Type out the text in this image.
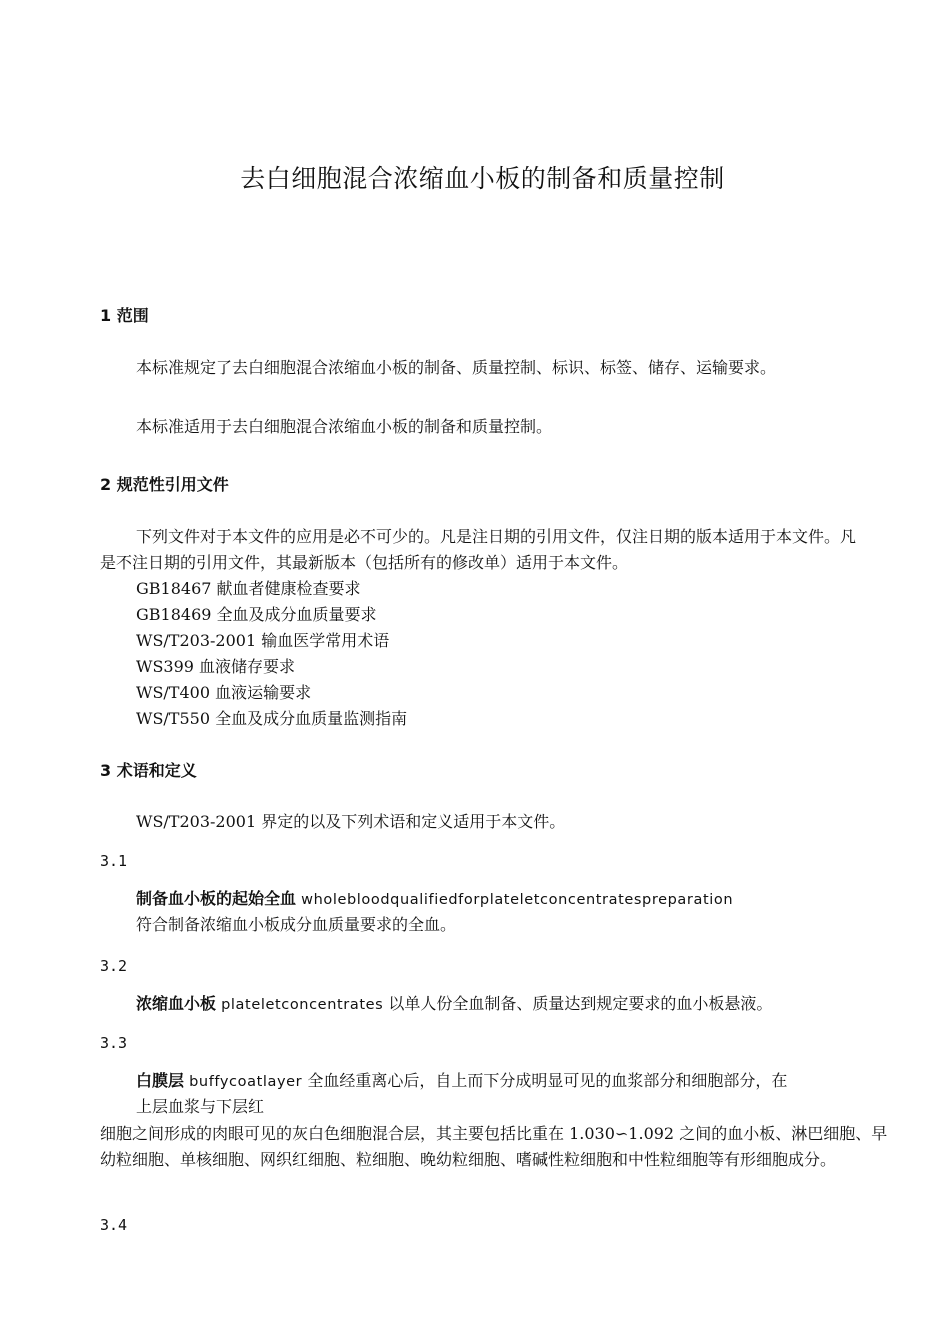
去白细胞混合浓缩血小板的制备和质量控制
1 范围

本标准规定了去白细胞混合浓缩血小板的制备、质量控制、标识、标签、储存、运输要求。

本标准适用于去白细胞混合浓缩血小板的制备和质量控制。

2 规范性引用文件

下列文件对于本文件的应用是必不可少的。凡是注日期的引用文件，仅注日期的版本适用于本文件。凡是不注日期的引用文件，其最新版本（包括所有的修改单）适用于本文件。

GB18467 献血者健康检查要求

GB18469 全血及成分血质量要求

WS/T203-2001 输血医学常用术语

WS399 血液储存要求

WS/T400 血液运输要求

WS/T550 全血及成分血质量监测指南

3 术语和定义

WS/T203-2001 界定的以及下列术语和定义适用于本文件。

3.1

制备血小板的起始全血 wholebloodqualifiedforplateletconcentratespreparation

符合制备浓缩血小板成分血质量要求的全血。

3.2

浓缩血小板 plateletconcentrates 以单人份全血制备、质量达到规定要求的血小板悬液。

3.3

白膜层 buffycoatlayer 全血经重离心后，自上而下分成明显可见的血浆部分和细胞部分，在

上层血浆与下层红

细胞之间形成的肉眼可见的灰白色细胞混合层，其主要包括比重在 1.030∽1.092 之间的血小板、淋巴细胞、早幼粒细胞、单核细胞、网织红细胞、粒细胞、晚幼粒细胞、嗜碱性粒细胞和中性粒细胞等有形细胞成分。

3.4
